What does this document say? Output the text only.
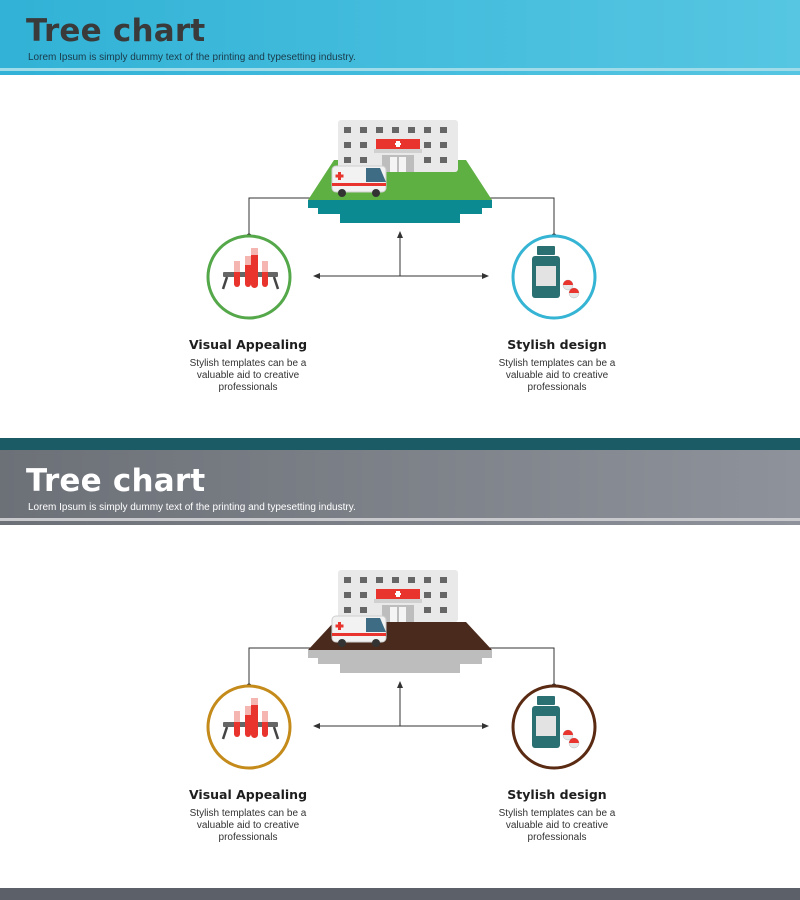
Tree chart

Lorem Ipsum is simply dummy text of the printing and typesetting industry.

Visual Appealing
Stylish templates can be a valuable aid to creative professionals
Stylish design
Stylish templates can be a valuable aid to creative professionals
Tree chart

Lorem Ipsum is simply dummy text of the printing and typesetting industry.

Visual Appealing
Stylish templates can be a valuable aid to creative professionals
Stylish design
Stylish templates can be a valuable aid to creative professionals
